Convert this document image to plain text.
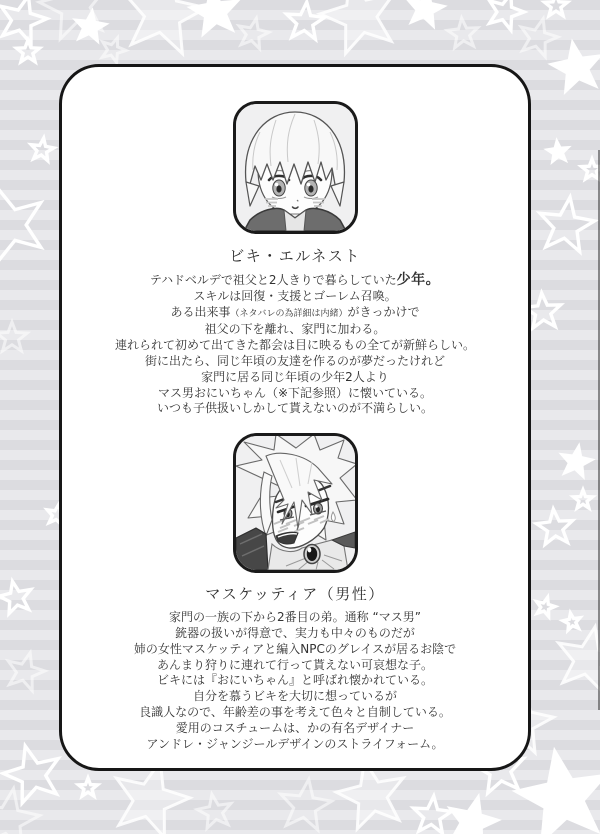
ビキ・エルネスト

テハドベルデで祖父と2人きりで暮らしていた少年。
スキルは回復・支援とゴーレム召喚。
ある出来事（ネタバレの為詳細は内緒）がきっかけで
祖父の下を離れ、家門に加わる。
連れられて初めて出てきた都会は目に映るもの全てが新鮮らしい。
街に出たら、同じ年頃の友達を作るのが夢だったけれど
家門に居る同じ年頃の少年2人より
マス男おにいちゃん（※下記参照）に懐いている。
いつも子供扱いしかして貰えないのが不満らしい。

マスケッティア（男性）

家門の一族の下から2番目の弟。通称 “マス男”
銃器の扱いが得意で、実力も中々のものだが
姉の女性マスケッティアと編入NPCのグレイスが居るお陰で
あんまり狩りに連れて行って貰えない可哀想な子。
ビキには『おにいちゃん』と呼ばれ懐かれている。
自分を慕うビキを大切に想っているが
良識人なので、年齢差の事を考えて色々と自制している。
愛用のコスチュームは、かの有名デザイナー
アンドレ・ジャンジールデザインのストライフォーム。
